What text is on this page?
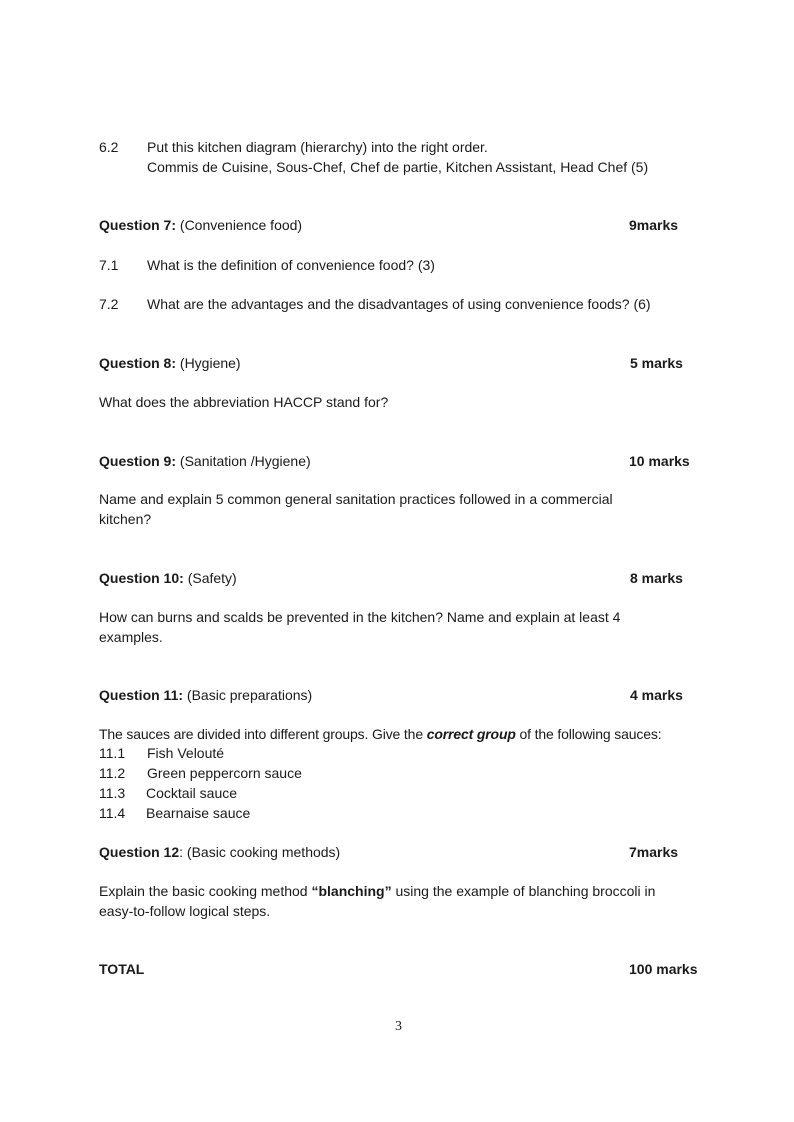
6.2 Put this kitchen diagram (hierarchy) into the right order.
Commis de Cuisine, Sous-Chef, Chef de partie, Kitchen Assistant, Head Chef (5)
Question 7: (Convenience food)	9marks
7.1 What is the definition of convenience food? (3)
7.2 What are the advantages and the disadvantages of using convenience foods? (6)
Question 8: (Hygiene)	5 marks
What does the abbreviation HACCP stand for?
Question 9: (Sanitation /Hygiene)	10 marks
Name and explain 5 common general sanitation practices followed in a commercial
kitchen?
Question 10: (Safety)	8 marks
How can burns and scalds be prevented in the kitchen? Name and explain at least 4
examples.
Question 11: (Basic preparations)	4 marks
The sauces are divided into different groups. Give the correct group of the following sauces:
11.1 Fish Velouté
11.2 Green peppercorn sauce
11.3 Cocktail sauce
11.4 Bearnaise sauce
Question 12: (Basic cooking methods)	7marks
Explain the basic cooking method “blanching” using the example of blanching broccoli in
easy-to-follow logical steps.
TOTAL	100 marks
3
